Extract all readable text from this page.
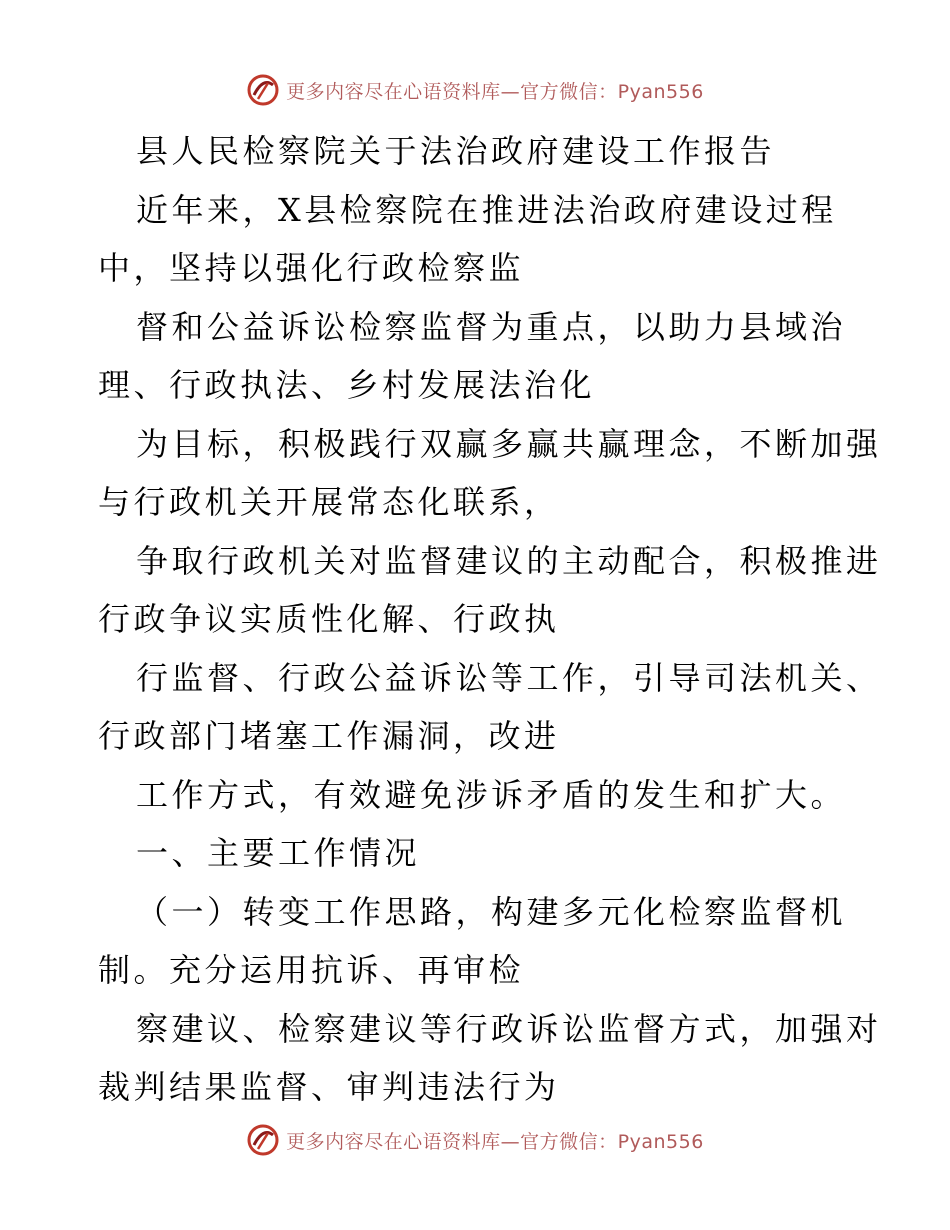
更多内容尽在心语资料库—官方微信：Pyan556
县人民检察院关于法治政府建设工作报告
近年来，X县检察院在推进法治政府建设过程
中，坚持以强化行政检察监
督和公益诉讼检察监督为重点，以助力县域治
理、行政执法、乡村发展法治化
为目标，积极践行双赢多赢共赢理念，不断加强
与行政机关开展常态化联系，
争取行政机关对监督建议的主动配合，积极推进
行政争议实质性化解、行政执
行监督、行政公益诉讼等工作，引导司法机关、
行政部门堵塞工作漏洞，改进
工作方式，有效避免涉诉矛盾的发生和扩大。
一、主要工作情况
（一）转变工作思路，构建多元化检察监督机
制。充分运用抗诉、再审检
察建议、检察建议等行政诉讼监督方式，加强对
裁判结果监督、审判违法行为
更多内容尽在心语资料库—官方微信：Pyan556
